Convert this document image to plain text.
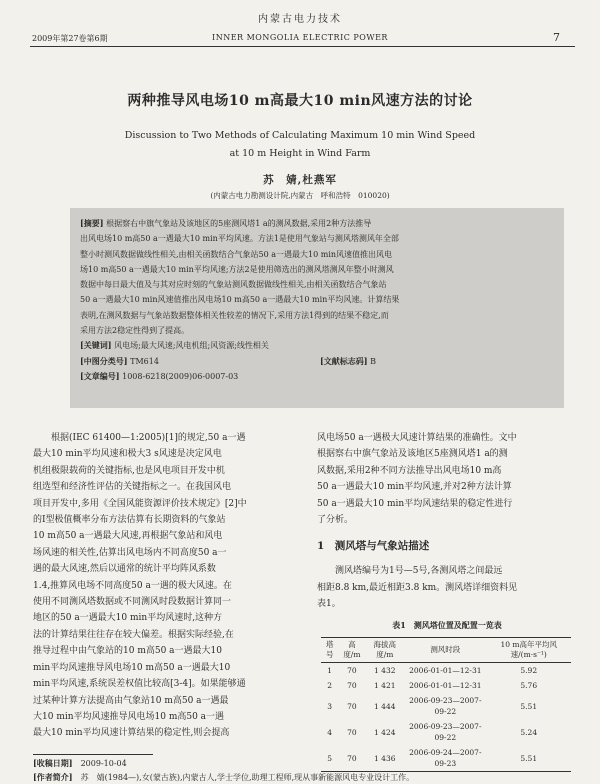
内蒙古电力技术
2009年第27卷第6期	INNER MONGOLIA ELECTRIC POWER	7
两种推导风电场10 m高最大10 min风速方法的讨论
Discussion to Two Methods of Calculating Maximum 10 min Wind Speed
at 10 m Height in Wind Farm
苏　婧,杜燕军
(内蒙古电力勘测设计院,内蒙古　呼和浩特　010020)
[摘要] 根据察右中旗气象站及该地区的5座测风塔1 a的测风数据,采用2种方法推导
出风电场10 m高50 a一遇最大10 min平均风速。方法1是使用气象站与测风塔测风年全部
整小时测风数据做线性相关,由相关函数结合气象站50 a一遇最大10 min风速值推出风电
场10 m高50 a一遇最大10 min平均风速;方法2是使用筛选出的测风塔测风年整小时测风
数据中每日最大值及与其对应时刻的气象站测风数据做线性相关,由相关函数结合气象站
50 a一遇最大10 min风速值推出风电场10 m高50 a一遇最大10 min平均风速。计算结果
表明,在测风数据与气象站数据整体相关性较差的情况下,采用方法1得到的结果不稳定,而
采用方法2稳定性得到了提高。
[关键词] 风电场;最大风速;风电机组;风资源;线性相关
[中图分类号] TM614	[文献标志码] B
[文章编号] 1008-6218(2009)06-0007-03
　　根据(IEC 61400—1:2005)[1]的规定,50 a一遇
最大10 min平均风速和极大3 s风速是决定风电
机组极限载荷的关键指标,也是风电项目开发中机
组选型和经济性评估的关键指标之一。在我国风电
项目开发中,多用《全国风能资源评价技术规定》[2]中
的Ⅰ型极值概率分布方法估算有长期资料的气象站
10 m高50 a一遇最大风速,再根据气象站和风电
场风速的相关性,估算出风电场内不同高度50 a一
遇的最大风速,然后以通常的统计平均阵风系数
1.4,推算风电场不同高度50 a一遇的极大风速。在
使用不同测风塔数据或不同测风时段数据计算同一
地区的50 a一遇最大10 min平均风速时,这种方
法的计算结果往往存在较大偏差。根据实际经验,在
推导过程中由气象站的10 m高50 a一遇最大10
min平均风速推导风电场10 m高50 a一遇最大10
min平均风速,系统误差权值比较高[3-4]。如果能够通
过某种计算方法提高由气象站10 m高50 a一遇最
大10 min平均风速推导风电场10 m高50 a一遇
最大10 min平均风速计算结果的稳定性,则会提高
风电场50 a一遇极大风速计算结果的准确性。文中
根据察右中旗气象站及该地区5座测风塔1 a的测
风数据,采用2种不同方法推导出风电场10 m高
50 a一遇最大10 min平均风速,并对2种方法计算
50 a一遇最大10 min平均风速结果的稳定性进行
了分析。
1　测风塔与气象站描述
　　测风塔编号为1号—5号,各测风塔之间最远
相距8.8 km,最近相距3.8 km。测风塔详细资料见
表1。
表1　测风塔位置及配置一览表
塔号	高度/m	海拔高度/m	测风时段	10 m高年平均风速/(m·s⁻¹)
1	70	1 432	2006-01-01—12-31	5.92
2	70	1 421	2006-01-01—12-31	5.76
3	70	1 444	2006-09-23—2007-09-22	5.51
4	70	1 424	2006-09-23—2007-09-22	5.24
5	70	1 436	2006-09-24—2007-09-23	5.51
[收稿日期]　 2009-10-04
[作者简介]　 苏　婧(1984—),女(蒙古族),内蒙古人,学士学位,助理工程师,现从事新能源风电专业设计工作。
